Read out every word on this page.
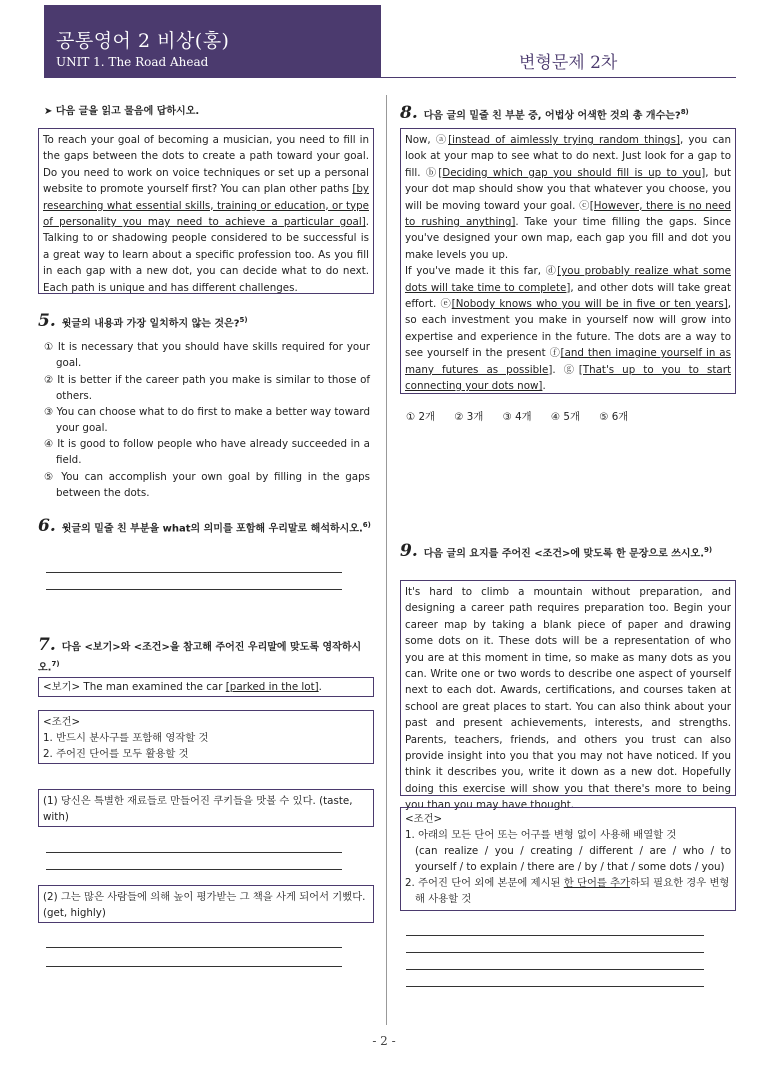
공통영어 2 비상(홍)
UNIT 1. The Road Ahead	변형문제 2차
➤ 다음 글을 읽고 물음에 답하시오.
To reach your goal of becoming a musician, you need to fill in the gaps between the dots to create a path toward your goal. Do you need to work on voice techniques or set up a personal website to promote yourself first? You can plan other paths [by researching what essential skills, training or education, or type of personality you may need to achieve a particular goal]. Talking to or shadowing people considered to be successful is a great way to learn about a specific profession too. As you fill in each gap with a new dot, you can decide what to do next. Each path is unique and has different challenges.
5. 윗글의 내용과 가장 일치하지 않는 것은?$^{5)}$
① It is necessary that you should have skills required for your goal.
② It is better if the career path you make is similar to those of others.
③ You can choose what to do first to make a better way toward your goal.
④ It is good to follow people who have already succeeded in a field.
⑤ You can accomplish your own goal by filling in the gaps between the dots.
6. 윗글의 밑줄 친 부분을 what의 의미를 포함해 우리말로 해석하시오.$^{6)}$
7. 다음 <보기>와 <조건>을 참고해 주어진 우리말에 맞도록 영작하시오.$^{7)}$
<보기> The man examined the car [parked in the lot].
<조건>
1. 반드시 분사구를 포함해 영작할 것
2. 주어진 단어를 모두 활용할 것
(1) 당신은 특별한 재료들로 만들어진 쿠키들을 맛볼 수 있다. (taste, with)
(2) 그는 많은 사람들에 의해 높이 평가받는 그 책을 사게 되어서 기뻤다. (get, highly)
8. 다음 글의 밑줄 친 부분 중, 어법상 어색한 것의 총 개수는?$^{8)}$
Now, ⓐ[instead of aimlessly trying random things], you can look at your map to see what to do next. Just look for a gap to fill. ⓑ[Deciding which gap you should fill is up to you], but your dot map should show you that whatever you choose, you will be moving toward your goal. ⓒ[However, there is no need to rushing anything]. Take your time filling the gaps. Since you've designed your own map, each gap you fill and dot you make levels you up.
If you've made it this far, ⓓ[you probably realize what some dots will take time to complete], and other dots will take great effort. ⓔ[Nobody knows who you will be in five or ten years], so each investment you make in yourself now will grow into expertise and experience in the future. The dots are a way to see yourself in the present ⓕ[and then imagine yourself in as many futures as possible]. ⓖ[That's up to you to start connecting your dots now].
① 2개 ② 3개 ③ 4개 ④ 5개 ⑤ 6개
9. 다음 글의 요지를 주어진 <조건>에 맞도록 한 문장으로 쓰시오.$^{9)}$
It's hard to climb a mountain without preparation, and designing a career path requires preparation too. Begin your career map by taking a blank piece of paper and drawing some dots on it. These dots will be a representation of who you are at this moment in time, so make as many dots as you can. Write one or two words to describe one aspect of yourself next to each dot. Awards, certifications, and courses taken at school are great places to start. You can also think about your past and present achievements, interests, and strengths. Parents, teachers, friends, and others you trust can also provide insight into you that you may not have noticed. If you think it describes you, write it down as a new dot. Hopefully doing this exercise will show you that there's more to being you than you may have thought.
<조건>
1. 아래의 모든 단어 또는 어구를 변형 없이 사용해 배열할 것
(can realize / you / creating / different / are / who / to yourself / to explain / there are / by / that / some dots / you)
2. 주어진 단어 외에 본문에 제시된 한 단어를 추가하되 필요한 경우 변형해 사용할 것
- 2 -
